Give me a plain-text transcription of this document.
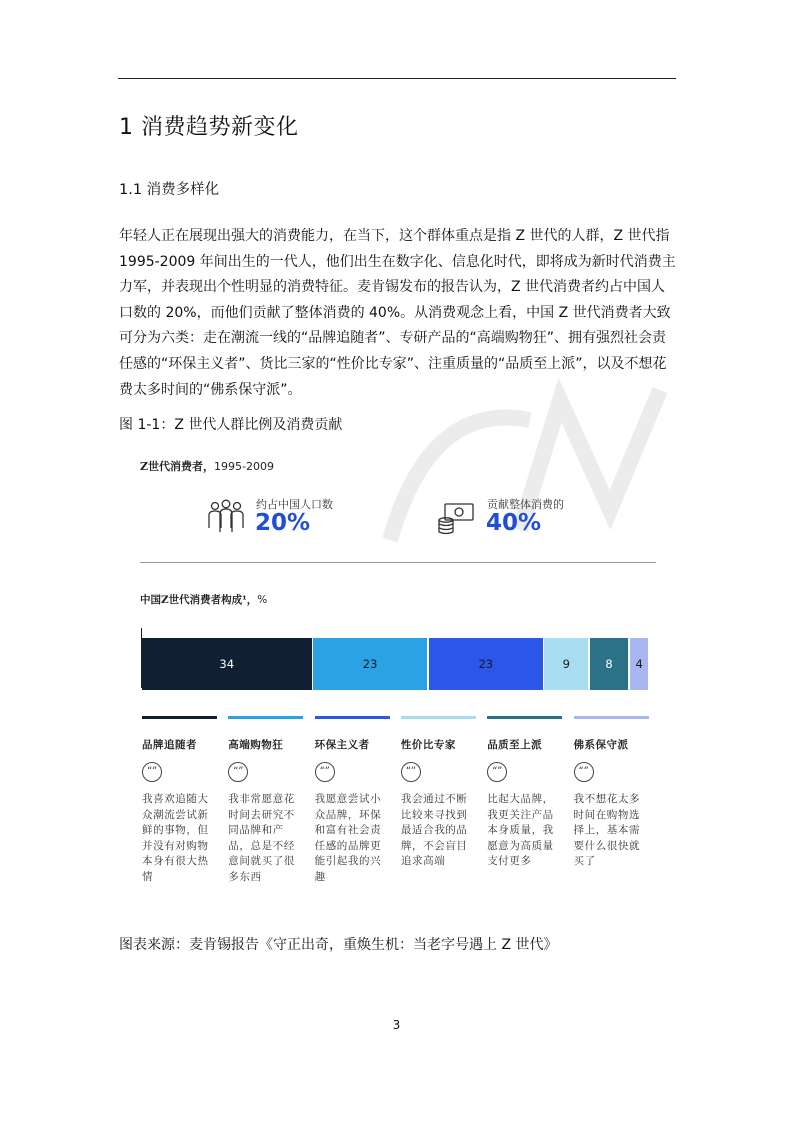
1 消费趋势新变化
1.1 消费多样化
年轻人正在展现出强大的消费能力，在当下，这个群体重点是指 Z 世代的人群，Z 世代指 1995-2009 年间出生的一代人，他们出生在数字化、信息化时代，即将成为新时代消费主力军，并表现出个性明显的消费特征。麦肯锡发布的报告认为，Z 世代消费者约占中国人口数的 20%，而他们贡献了整体消费的 40%。从消费观念上看，中国 Z 世代消费者大致可分为六类：走在潮流一线的“品牌追随者”、专研产品的“高端购物狂”、拥有强烈社会责任感的“环保主义者”、货比三家的“性价比专家”、注重质量的“品质至上派”，以及不想花费太多时间的“佛系保守派”。
图 1-1：Z 世代人群比例及消费贡献
Z世代消费者，1995-2009
约占中国人口数
20%
贡献整体消费的
40%
中国Z世代消费者构成¹，%
34	23	23	9	8	4
品牌追随者
“”
我喜欢追随大众潮流尝试新鲜的事物，但并没有对购物本身有很大热情
高端购物狂
“”
我非常愿意花时间去研究不同品牌和产品，总是不经意间就买了很多东西
环保主义者
“”
我愿意尝试小众品牌，环保和富有社会责任感的品牌更能引起我的兴趣
性价比专家
“”
我会通过不断比较来寻找到最适合我的品牌，不会盲目追求高端
品质至上派
“”
比起大品牌，我更关注产品本身质量，我愿意为高质量支付更多
佛系保守派
“”
我不想花太多时间在购物选择上，基本需要什么很快就买了
图表来源：麦肯锡报告《守正出奇，重焕生机：当老字号遇上 Z 世代》
3
